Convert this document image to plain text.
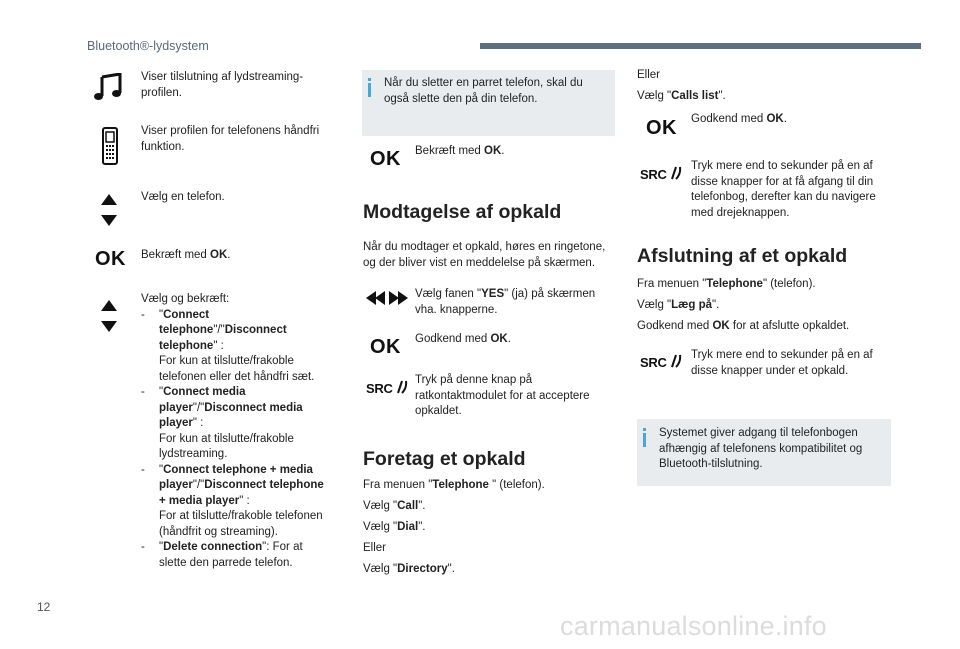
Bluetooth®-lydsystem
Viser tilslutning af lydstreaming-profilen.
Viser profilen for telefonens håndfri funktion.
Vælg en telefon.
OK Bekræft med OK.
Vælg og bekræft:
- "Connect telephone"/"Disconnect telephone" :
For kun at tilslutte/frakoble telefonen eller det håndfri sæt.
- "Connect media player"/"Disconnect media player" :
For kun at tilslutte/frakoble lydstreaming.
- "Connect telephone + media player"/"Disconnect telephone + media player" :
For at tilslutte/frakoble telefonen (håndfrit og streaming).
- "Delete connection": For at slette den parrede telefon.
Når du sletter en parret telefon, skal du også slette den på din telefon.
OK Bekræft med OK.
Modtagelse af opkald
Når du modtager et opkald, høres en ringetone, og der bliver vist en meddelelse på skærmen.
Vælg fanen "YES" (ja) på skærmen vha. knapperne.
OK Godkend med OK.
SRC
Tryk på denne knap på ratkontaktmodulet for at acceptere opkaldet.
Foretag et opkald
Fra menuen "Telephone " (telefon).
Vælg "Call".
Vælg "Dial".
Eller
Vælg "Directory".
Eller
Vælg "Calls list".
OK Godkend med OK.
SRC
Tryk mere end to sekunder på en af disse knapper for at få afgang til din telefonbog, derefter kan du navigere med drejeknappen.
Afslutning af et opkald
Fra menuen "Telephone" (telefon).
Vælg "Læg på".
Godkend med OK for at afslutte opkaldet.
SRC	Tryk mere end to sekunder på en af disse knapper under et opkald.
Systemet giver adgang til telefonbogen afhængig af telefonens kompatibilitet og Bluetooth-tilslutning.
12
carmanualsonline.info
